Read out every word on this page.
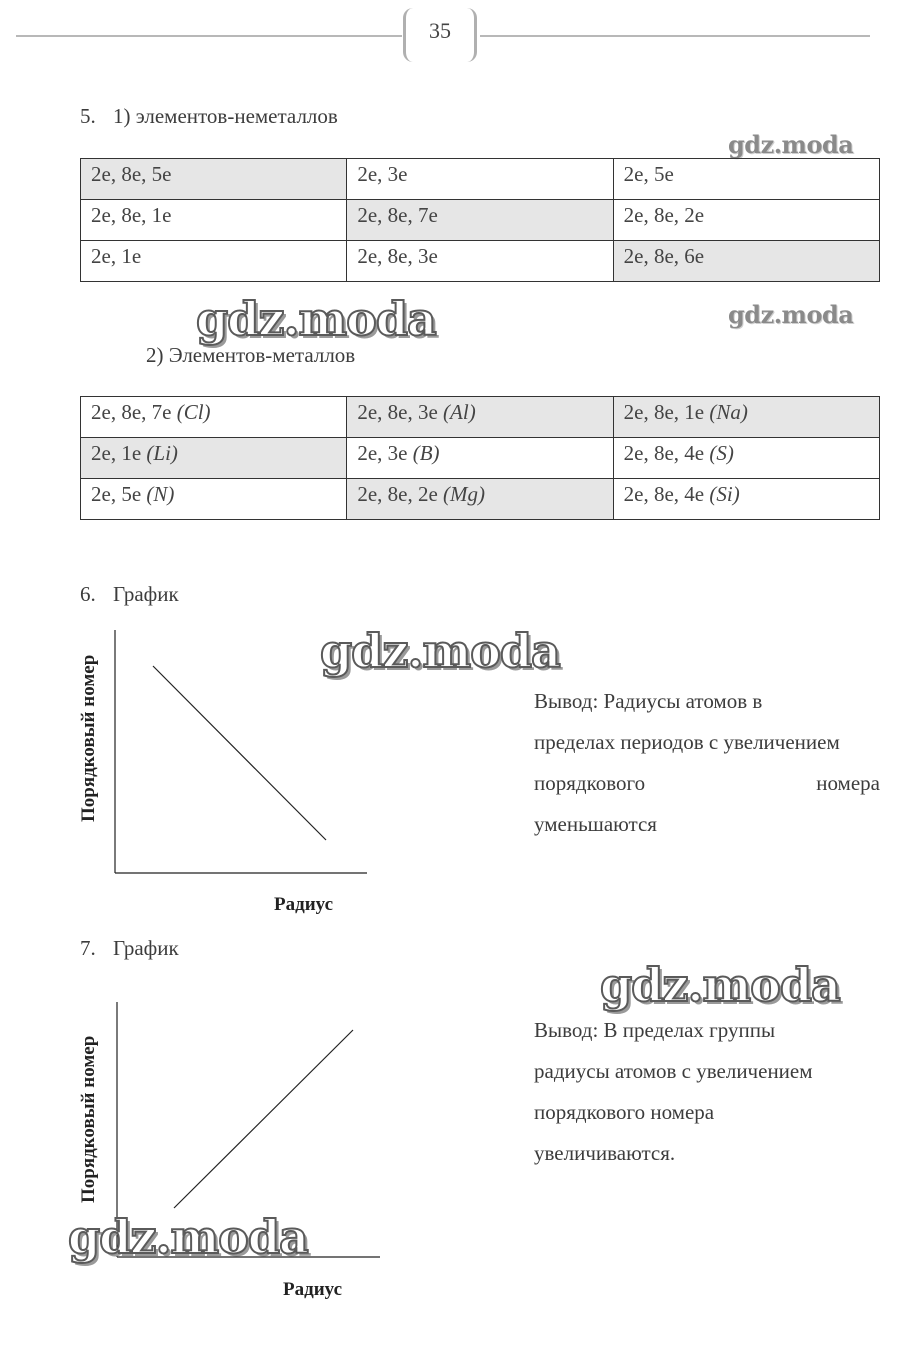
35
5. 1) элементов-неметаллов
gdz.moda
2e, 8e, 5e	2e, 3e	2e, 5e
2e, 8e, 1e	2e, 8e, 7e	2e, 8e, 2e
2e, 1e	2e, 8e, 3e	2e, 8e, 6e
gdz.moda	gdz.moda
2) Элементов-металлов
2e, 8e, 7e (Cl)	2e, 8e, 3e (Al)	2e, 8e, 1e (Na)
2e, 1e (Li)	2e, 3e (B)	2e, 8e, 4e (S)
2e, 5e (N)	2e, 8e, 2e (Mg)	2e, 8e, 4e (Si)
6. График
Порядковый номер
Радиус
gdz.moda
Вывод: Радиусы атомов в
пределах периодов с увеличением
порядкового	номера
уменьшаются
7. График
gdz.moda
Порядковый номер
Радиус
gdz.moda
Вывод: В пределах группы
радиусы атомов с увеличением
порядкового номера
увеличиваются.
